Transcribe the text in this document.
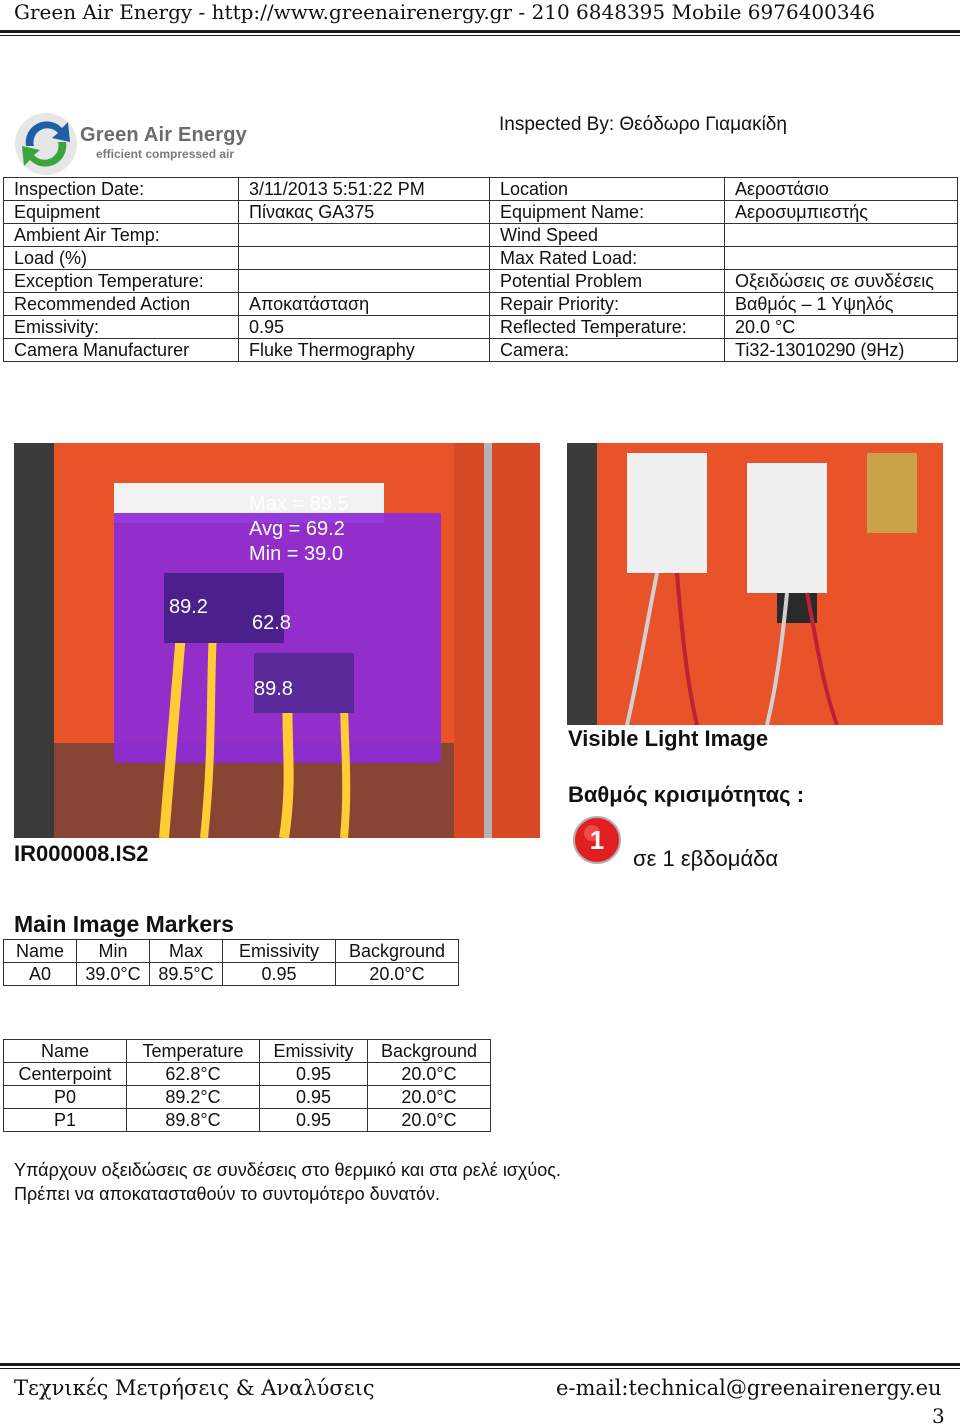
Green Air Energy - http://www.greenairenergy.gr - 210 6848395 Mobile 6976400346
Green Air Energy
efficient compressed air
Inspected By: Θεόδωρο Γιαμακίδη
Inspection Date:	3/11/2013 5:51:22 PM	Location	Αεροστάσιο
Equipment	Πίνακας GA375	Equipment Name:	Αεροσυμπιεστής
Ambient Air Temp:		Wind Speed	
Load (%)		Max Rated Load:	
Exception Temperature:		Potential Problem	Οξειδώσεις σε συνδέσεις
Recommended Action	Αποκατάσταση	Repair Priority:	Βαθμός – 1 Υψηλός
Emissivity:	0.95	Reflected Temperature:	20.0 °C
Camera Manufacturer	Fluke Thermography	Camera:	Ti32-13010290 (9Hz)
Max = 89.5
Avg = 69.2
Min = 39.0
89.2
62.8
89.8
IR000008.IS2
Visible Light Image
Βαθμός κρισιμότητας :
1
σε 1 εβδομάδα
Main Image Markers
Name	Min	Max	Emissivity	Background
A0	39.0°C	89.5°C	0.95	20.0°C
Name	Temperature	Emissivity	Background
Centerpoint	62.8°C	0.95	20.0°C
P0	89.2°C	0.95	20.0°C
P1	89.8°C	0.95	20.0°C
Υπάρχουν οξειδώσεις σε συνδέσεις στο θερμικό και στα ρελέ ισχύος.
Πρέπει να αποκατασταθούν το συντομότερο δυνατόν.
Τεχνικές Μετρήσεις & Αναλύσεις	e-mail:technical@greenairenergy.eu
3
